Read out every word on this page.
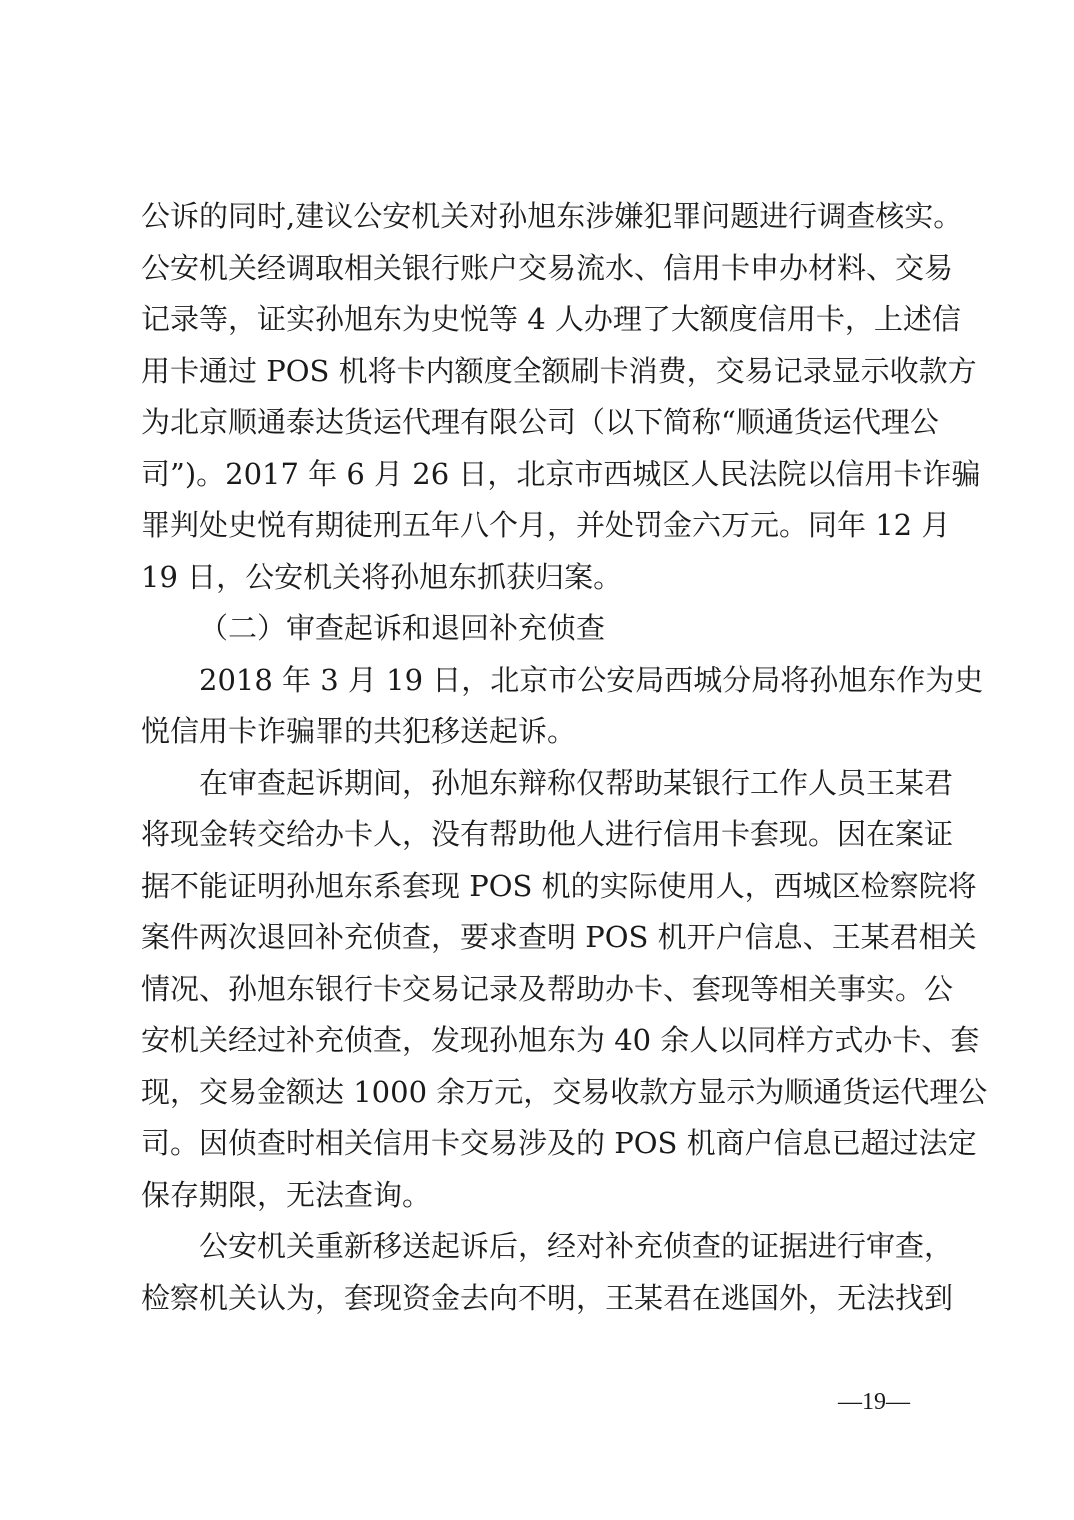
公诉的同时,建议公安机关对孙旭东涉嫌犯罪问题进行调查核实。
公安机关经调取相关银行账户交易流水、信用卡申办材料、交易
记录等，证实孙旭东为史悦等 4 人办理了大额度信用卡，上述信
用卡通过 POS 机将卡内额度全额刷卡消费，交易记录显示收款方
为北京顺通泰达货运代理有限公司（以下简称“顺通货运代理公
司”)。2017 年 6 月 26 日，北京市西城区人民法院以信用卡诈骗
罪判处史悦有期徒刑五年八个月，并处罚金六万元。同年 12 月
19 日，公安机关将孙旭东抓获归案。
（二）审查起诉和退回补充侦查
2018 年 3 月 19 日，北京市公安局西城分局将孙旭东作为史
悦信用卡诈骗罪的共犯移送起诉。
在审查起诉期间，孙旭东辩称仅帮助某银行工作人员王某君
将现金转交给办卡人，没有帮助他人进行信用卡套现。因在案证
据不能证明孙旭东系套现 POS 机的实际使用人，西城区检察院将
案件两次退回补充侦查，要求查明 POS 机开户信息、王某君相关
情况、孙旭东银行卡交易记录及帮助办卡、套现等相关事实。公
安机关经过补充侦查，发现孙旭东为 40 余人以同样方式办卡、套
现，交易金额达 1000 余万元，交易收款方显示为顺通货运代理公
司。因侦查时相关信用卡交易涉及的 POS 机商户信息已超过法定
保存期限，无法查询。
公安机关重新移送起诉后，经对补充侦查的证据进行审查，
检察机关认为，套现资金去向不明，王某君在逃国外，无法找到
—19—
